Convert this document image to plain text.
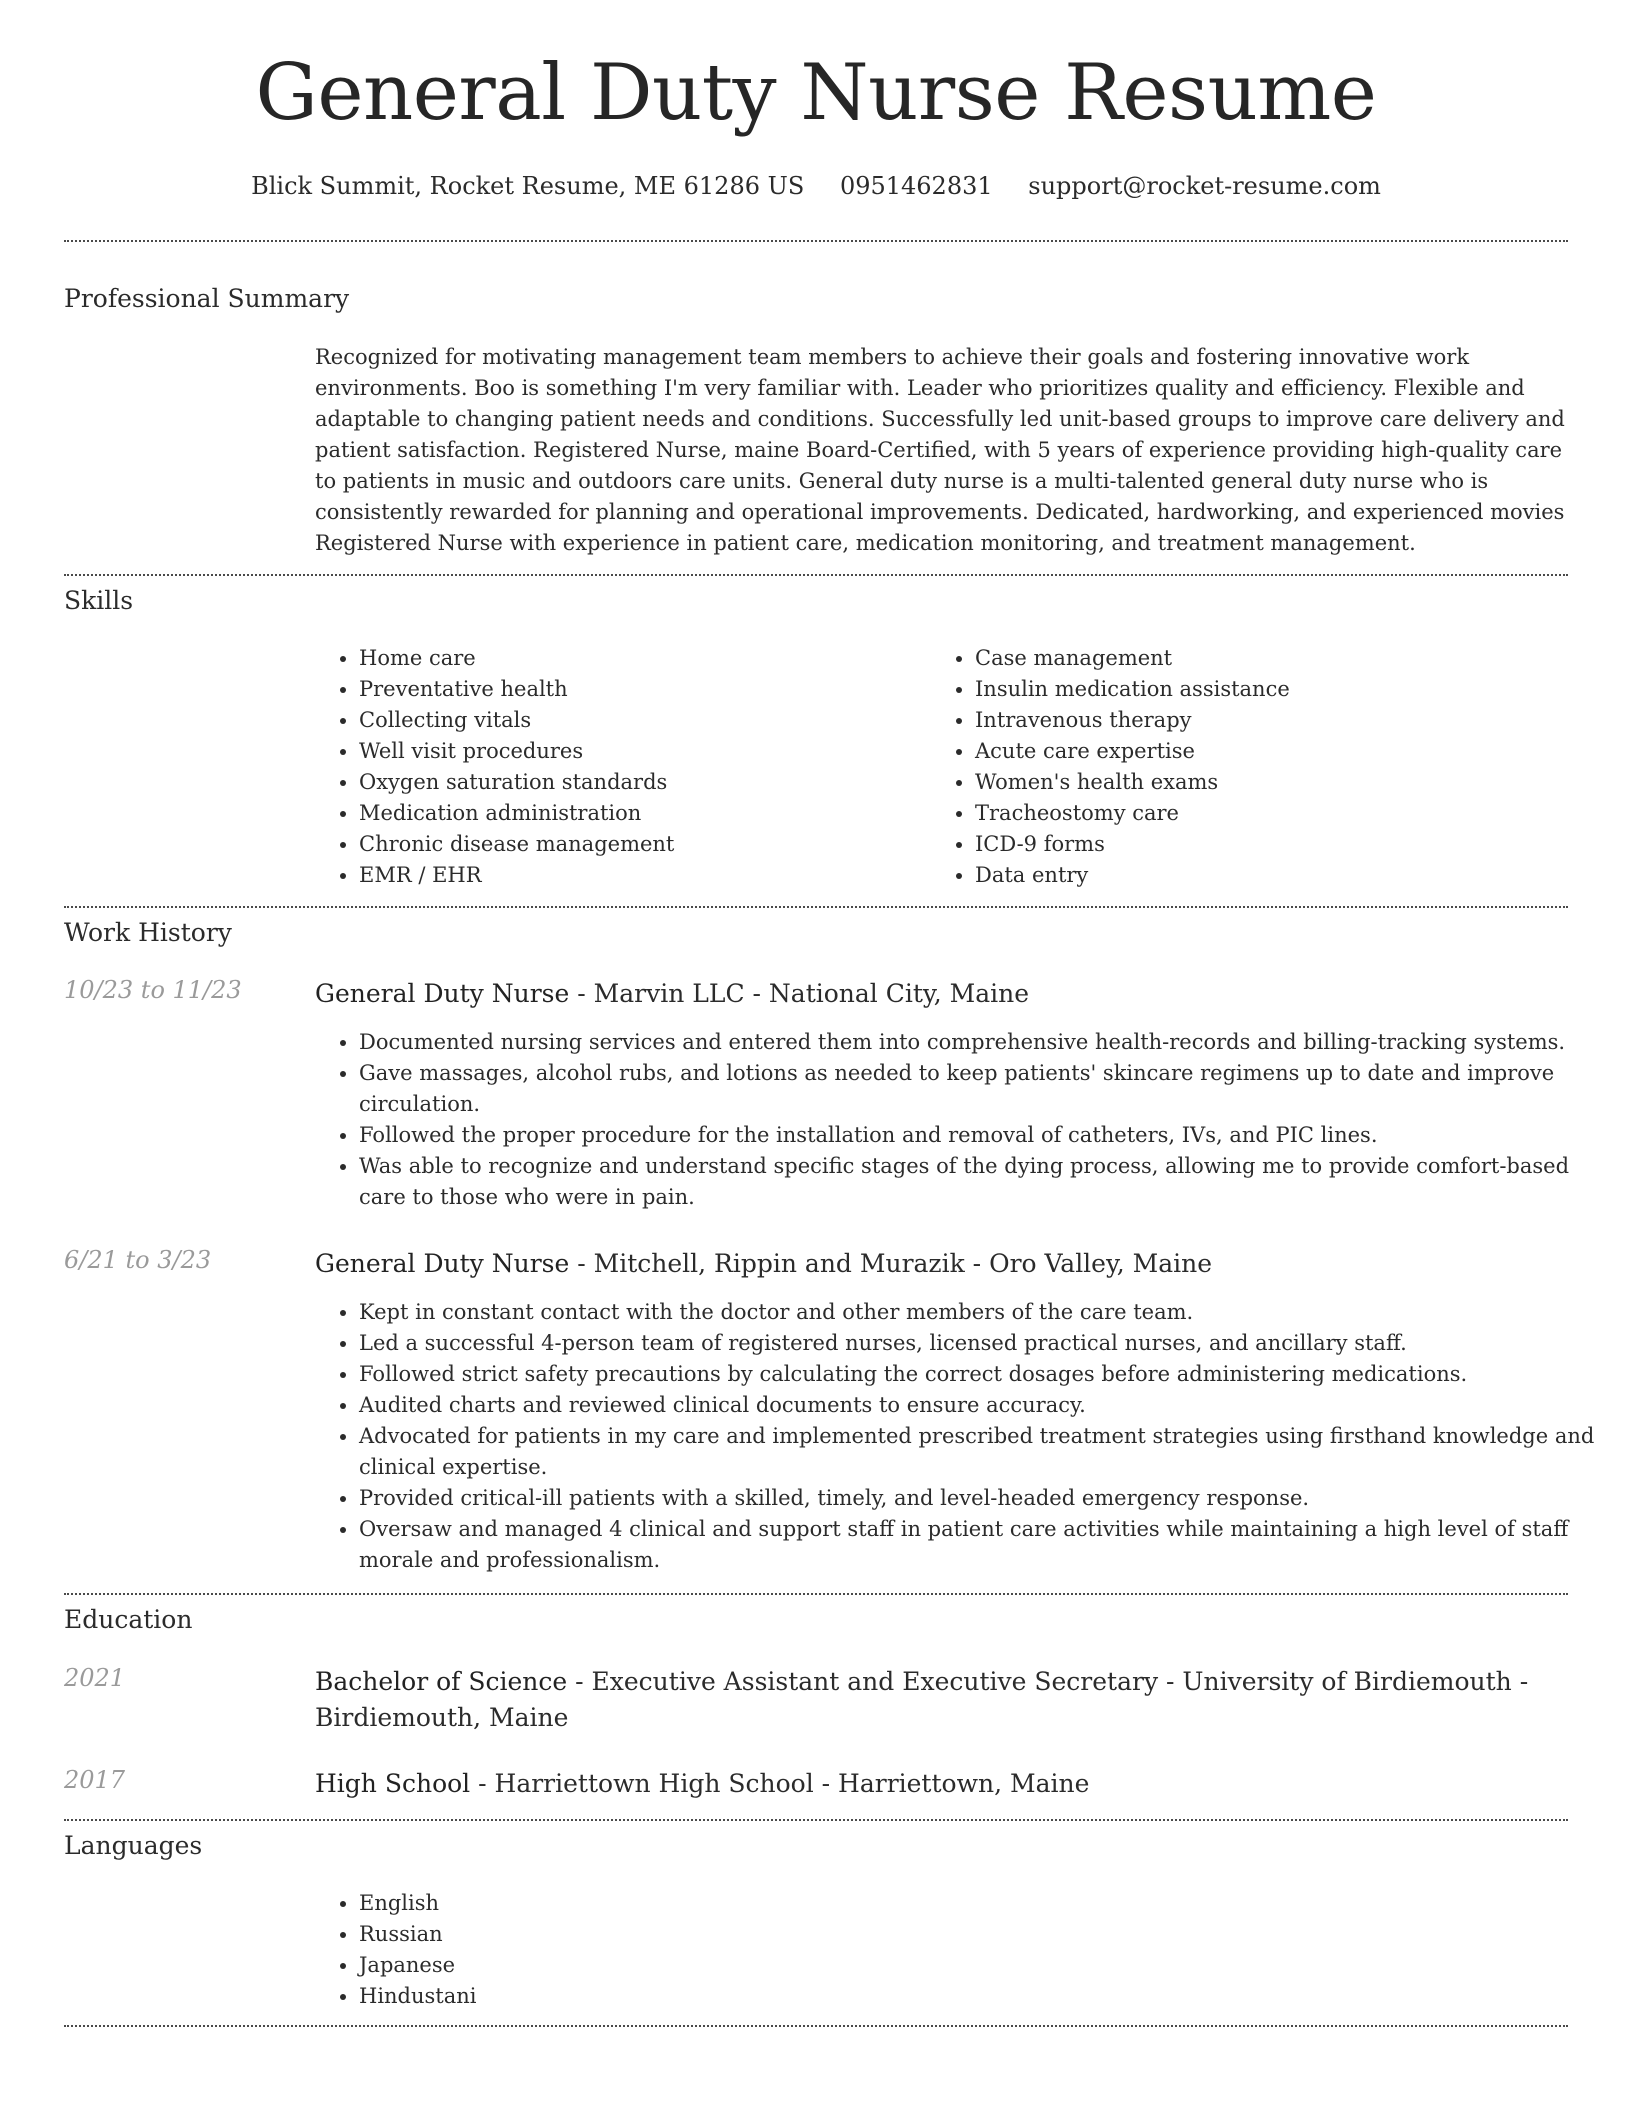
General Duty Nurse Resume
Blick Summit, Rocket Resume, ME 61286 US 0951462831 support@rocket-resume.com
Professional Summary

Recognized for motivating management team members to achieve their goals and fostering innovative work environments. Boo is something I'm very familiar with. Leader who prioritizes quality and efficiency. Flexible and adaptable to changing patient needs and conditions. Successfully led unit-based groups to improve care delivery and patient satisfaction. Registered Nurse, maine Board-Certified, with 5 years of experience providing high-quality care to patients in music and outdoors care units. General duty nurse is a multi-talented general duty nurse who is consistently rewarded for planning and operational improvements. Dedicated, hardworking, and experienced movies Registered Nurse with experience in patient care, medication monitoring, and treatment management.

Skills
• Home care
• Preventative health
• Collecting vitals
• Well visit procedures
• Oxygen saturation standards
• Medication administration
• Chronic disease management
• EMR / EHR
• Case management
• Insulin medication assistance
• Intravenous therapy
• Acute care expertise
• Women's health exams
• Tracheostomy care
• ICD-9 forms
• Data entry
Work History
10/23 to 11/23	General Duty Nurse - Marvin LLC - National City, Maine
• Documented nursing services and entered them into comprehensive health-records and billing-tracking systems.
• Gave massages, alcohol rubs, and lotions as needed to keep patients' skincare regimens up to date and improve circulation.
• Followed the proper procedure for the installation and removal of catheters, IVs, and PIC lines.
• Was able to recognize and understand specific stages of the dying process, allowing me to provide comfort-based care to those who were in pain.
6/21 to 3/23	General Duty Nurse - Mitchell, Rippin and Murazik - Oro Valley, Maine
• Kept in constant contact with the doctor and other members of the care team.
• Led a successful 4-person team of registered nurses, licensed practical nurses, and ancillary staff.
• Followed strict safety precautions by calculating the correct dosages before administering medications.
• Audited charts and reviewed clinical documents to ensure accuracy.
• Advocated for patients in my care and implemented prescribed treatment strategies using firsthand knowledge and clinical expertise.
• Provided critical-ill patients with a skilled, timely, and level-headed emergency response.
• Oversaw and managed 4 clinical and support staff in patient care activities while maintaining a high level of staff morale and professionalism.
Education
2021	Bachelor of Science - Executive Assistant and Executive Secretary - University of Birdiemouth - Birdiemouth, Maine
2017	High School - Harriettown High School - Harriettown, Maine
Languages
• English
• Russian
• Japanese
• Hindustani
